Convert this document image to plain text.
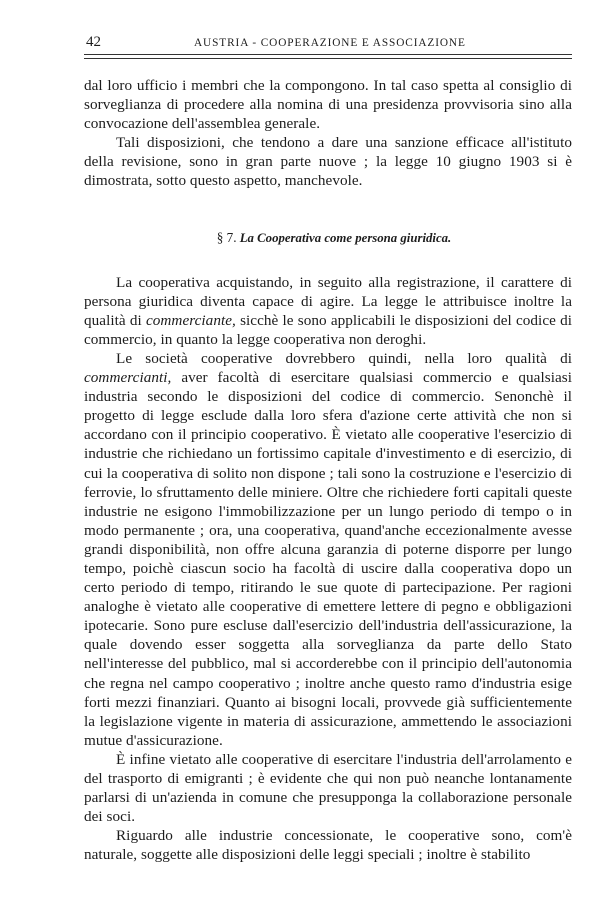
42	AUSTRIA - COOPERAZIONE E ASSOCIAZIONE

dal loro ufficio i membri che la compongono. In tal caso spetta al consiglio di sorveglianza di procedere alla nomina di una presidenza provvisoria sino alla convocazione dell'assemblea generale.

Tali disposizioni, che tendono a dare una sanzione efficace all'istituto della revisione, sono in gran parte nuove ; la legge 10 giugno 1903 si è dimostrata, sotto questo aspetto, manchevole.

§ 7. La Cooperativa come persona giuridica.

La cooperativa acquistando, in seguito alla registrazione, il carattere di persona giuridica diventa capace di agire. La legge le attribuisce inoltre la qualità di commerciante, sicchè le sono applicabili le disposizioni del codice di commercio, in quanto la legge cooperativa non deroghi.

Le società cooperative dovrebbero quindi, nella loro qualità di commercianti, aver facoltà di esercitare qualsiasi commercio e qualsiasi industria secondo le disposizioni del codice di commercio. Senonchè il progetto di legge esclude dalla loro sfera d'azione certe attività che non si accordano con il principio cooperativo. È vietato alle cooperative l'esercizio di industrie che richiedano un fortissimo capitale d'investimento e di esercizio, di cui la cooperativa di solito non dispone ; tali sono la costruzione e l'esercizio di ferrovie, lo sfruttamento delle miniere. Oltre che richiedere forti capitali queste industrie ne esigono l'immobilizzazione per un lungo periodo di tempo o in modo permanente ; ora, una cooperativa, quand'anche eccezionalmente avesse grandi disponibilità, non offre alcuna garanzia di poterne disporre per lungo tempo, poichè ciascun socio ha facoltà di uscire dalla cooperativa dopo un certo periodo di tempo, ritirando le sue quote di partecipazione. Per ragioni analoghe è vietato alle cooperative di emettere lettere di pegno e obbligazioni ipotecarie. Sono pure escluse dall'esercizio dell'industria dell'assicurazione, la quale dovendo esser soggetta alla sorveglianza da parte dello Stato nell'interesse del pubblico, mal si accorderebbe con il principio dell'autonomia che regna nel campo cooperativo ; inoltre anche questo ramo d'industria esige forti mezzi finanziari. Quanto ai bisogni locali, provvede già sufficientemente la legislazione vigente in materia di assicurazione, ammettendo le associazioni mutue d'assicurazione.

È infine vietato alle cooperative di esercitare l'industria dell'arrolamento e del trasporto di emigranti ; è evidente che qui non può neanche lontanamente parlarsi di un'azienda in comune che presupponga la collaborazione personale dei soci.

Riguardo alle industrie concessionate, le cooperative sono, com'è naturale, soggette alle disposizioni delle leggi speciali ; inoltre è stabilito
